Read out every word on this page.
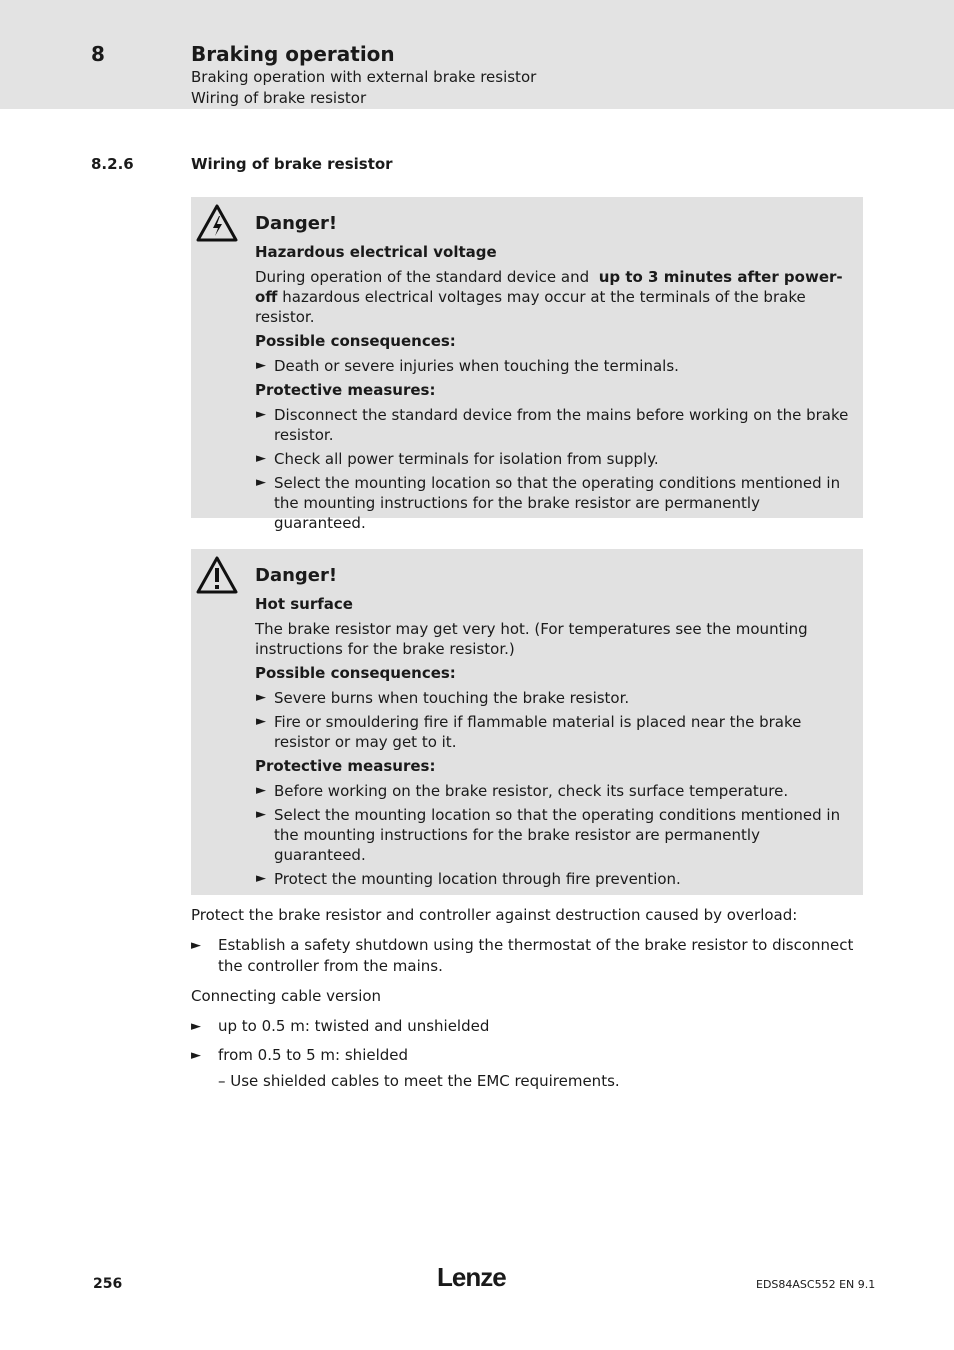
8	Braking operation
Braking operation with external brake resistor
Wiring of brake resistor
8.2.6	Wiring of brake resistor
Danger!
Hazardous electrical voltage
During operation of the standard device and up to 3 minutes after power-off hazardous electrical voltages may occur at the terminals of the brake resistor.
Possible consequences:
► Death or severe injuries when touching the terminals.
Protective measures:
► Disconnect the standard device from the mains before working on the brake resistor.
► Check all power terminals for isolation from supply.
► Select the mounting location so that the operating conditions mentioned in the mounting instructions for the brake resistor are permanently guaranteed.
Danger!
Hot surface
The brake resistor may get very hot. (For temperatures see the mounting instructions for the brake resistor.)
Possible consequences:
► Severe burns when touching the brake resistor.
► Fire or smouldering fire if flammable material is placed near the brake resistor or may get to it.
Protective measures:
► Before working on the brake resistor, check its surface temperature.
► Select the mounting location so that the operating conditions mentioned in the mounting instructions for the brake resistor are permanently guaranteed.
► Protect the mounting location through fire prevention.
Protect the brake resistor and controller against destruction caused by overload:
► Establish a safety shutdown using the thermostat of the brake resistor to disconnect the controller from the mains.
Connecting cable version
► up to 0.5 m: twisted and unshielded
► from 0.5 to 5 m: shielded
– Use shielded cables to meet the EMC requirements.
256	Lenze	EDS84ASC552 EN 9.1
